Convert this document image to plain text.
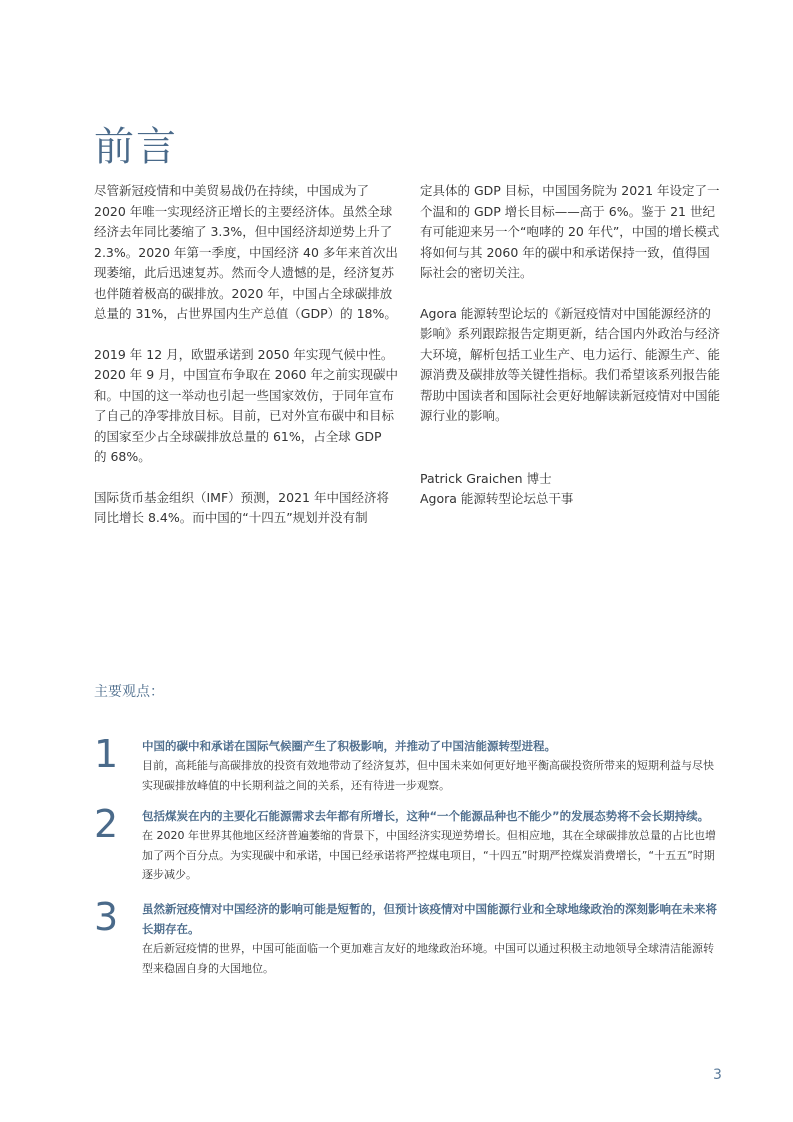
前言

尽管新冠疫情和中美贸易战仍在持续，中国成为了2020 年唯一实现经济正增长的主要经济体。虽然全球经济去年同比萎缩了 3.3%，但中国经济却逆势上升了 2.3%。2020 年第一季度，中国经济 40 多年来首次出现萎缩，此后迅速复苏。然而令人遗憾的是，经济复苏也伴随着极高的碳排放。2020 年，中国占全球碳排放总量的 31%，占世界国内生产总值（GDP）的 18%。

2019 年 12 月，欧盟承诺到 2050 年实现气候中性。2020 年 9 月，中国宣布争取在 2060 年之前实现碳中和。中国的这一举动也引起一些国家效仿，于同年宣布了自己的净零排放目标。目前，已对外宣布碳中和目标的国家至少占全球碳排放总量的 61%，占全球 GDP 的 68%。

国际货币基金组织（IMF）预测，2021 年中国经济将同比增长 8.4%。而中国的“十四五”规划并没有制

定具体的 GDP 目标，中国国务院为 2021 年设定了一个温和的 GDP 增长目标——高于 6%。鉴于 21 世纪有可能迎来另一个“咆哮的 20 年代”，中国的增长模式将如何与其 2060 年的碳中和承诺保持一致，值得国际社会的密切关注。

Agora 能源转型论坛的《新冠疫情对中国能源经济的影响》系列跟踪报告定期更新，结合国内外政治与经济大环境，解析包括工业生产、电力运行、能源生产、能源消费及碳排放等关键性指标。我们希望该系列报告能帮助中国读者和国际社会更好地解读新冠疫情对中国能源行业的影响。

Patrick Graichen 博士
Agora 能源转型论坛总干事
主要观点：
1	中国的碳中和承诺在国际气候圈产生了积极影响，并推动了中国洁能源转型进程。
目前，高耗能与高碳排放的投资有效地带动了经济复苏，但中国未来如何更好地平衡高碳投资所带来的短期利益与尽快实现碳排放峰值的中长期利益之间的关系，还有待进一步观察。
2	包括煤炭在内的主要化石能源需求去年都有所增长，这种“一个能源品种也不能少”的发展态势将不会长期持续。
在 2020 年世界其他地区经济普遍萎缩的背景下，中国经济实现逆势增长。但相应地，其在全球碳排放总量的占比也增加了两个百分点。为实现碳中和承诺，中国已经承诺将严控煤电项目，“十四五”时期严控煤炭消费增长，“十五五”时期逐步减少。
3	虽然新冠疫情对中国经济的影响可能是短暂的，但预计该疫情对中国能源行业和全球地缘政治的深刻影响在未来将长期存在。
在后新冠疫情的世界，中国可能面临一个更加难言友好的地缘政治环境。中国可以通过积极主动地领导全球清洁能源转型来稳固自身的大国地位。
3
